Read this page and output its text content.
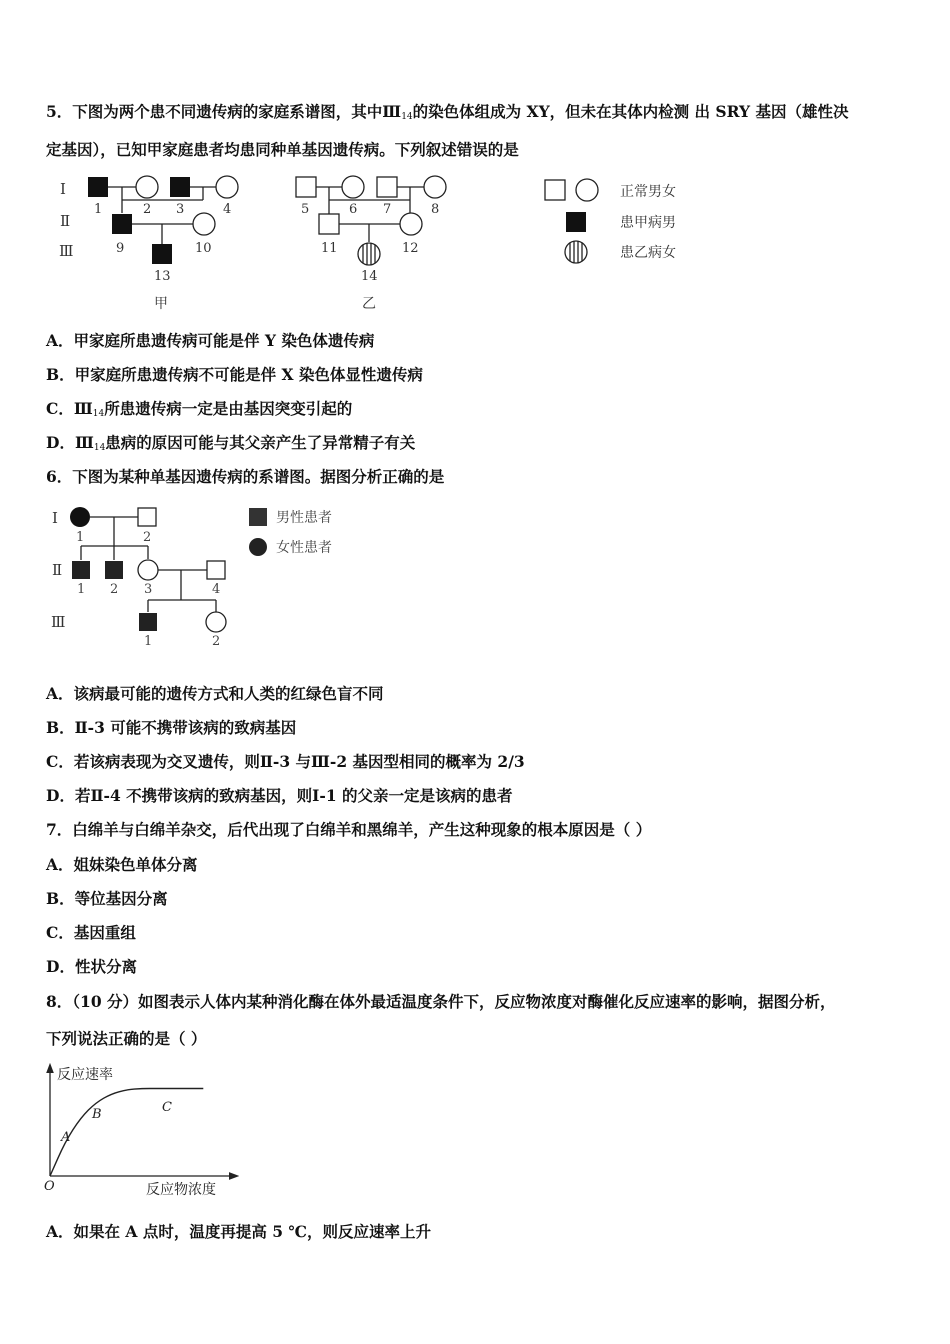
5．下图为两个患不同遗传病的家庭系谱图，其中$Ⅲ_{14}$的染色体组成为 XY，但未在其体内检测 出 SRY 基因（雄性决
定基因），已知甲家庭患者均患同种单基因遗传病。下列叙述错误的是
Ⅰ
Ⅱ
Ⅲ
1	2 3	4
9	10
13
甲
5	6 7	8
11	12
14
乙
正常男女
患甲病男
患乙病女
A．甲家庭所患遗传病可能是伴 Y 染色体遗传病
B．甲家庭所患遗传病不可能是伴 X 染色体显性遗传病
C．$Ⅲ_{14}$所患遗传病一定是由基因突变引起的
D．$Ⅲ_{14}$患病的原因可能与其父亲产生了异常精子有关
6．下图为某种单基因遗传病的系谱图。据图分析正确的是
Ⅰ
Ⅱ
Ⅲ
1	2
1 2 3	4
1	2
男性患者
女性患者
A．该病最可能的遗传方式和人类的红绿色盲不同
B．Ⅱ-3 可能不携带该病的致病基因
C．若该病表现为交叉遗传，则Ⅱ-3 与Ⅲ-2 基因型相同的概率为 2/3
D．若Ⅱ-4 不携带该病的致病基因，则Ⅰ-1 的父亲一定是该病的患者
7．白绵羊与白绵羊杂交，后代出现了白绵羊和黑绵羊，产生这种现象的根本原因是（ ）
A．姐妹染色单体分离
B．等位基因分离
C．基因重组
D．性状分离
8．（10 分）如图表示人体内某种消化酶在体外最适温度条件下，反应物浓度对酶催化反应速率的影响，据图分析，
下列说法正确的是（ ）
反应速率
反应物浓度
O
A
B	C
A．如果在 A 点时，温度再提高 5 ℃，则反应速率上升
